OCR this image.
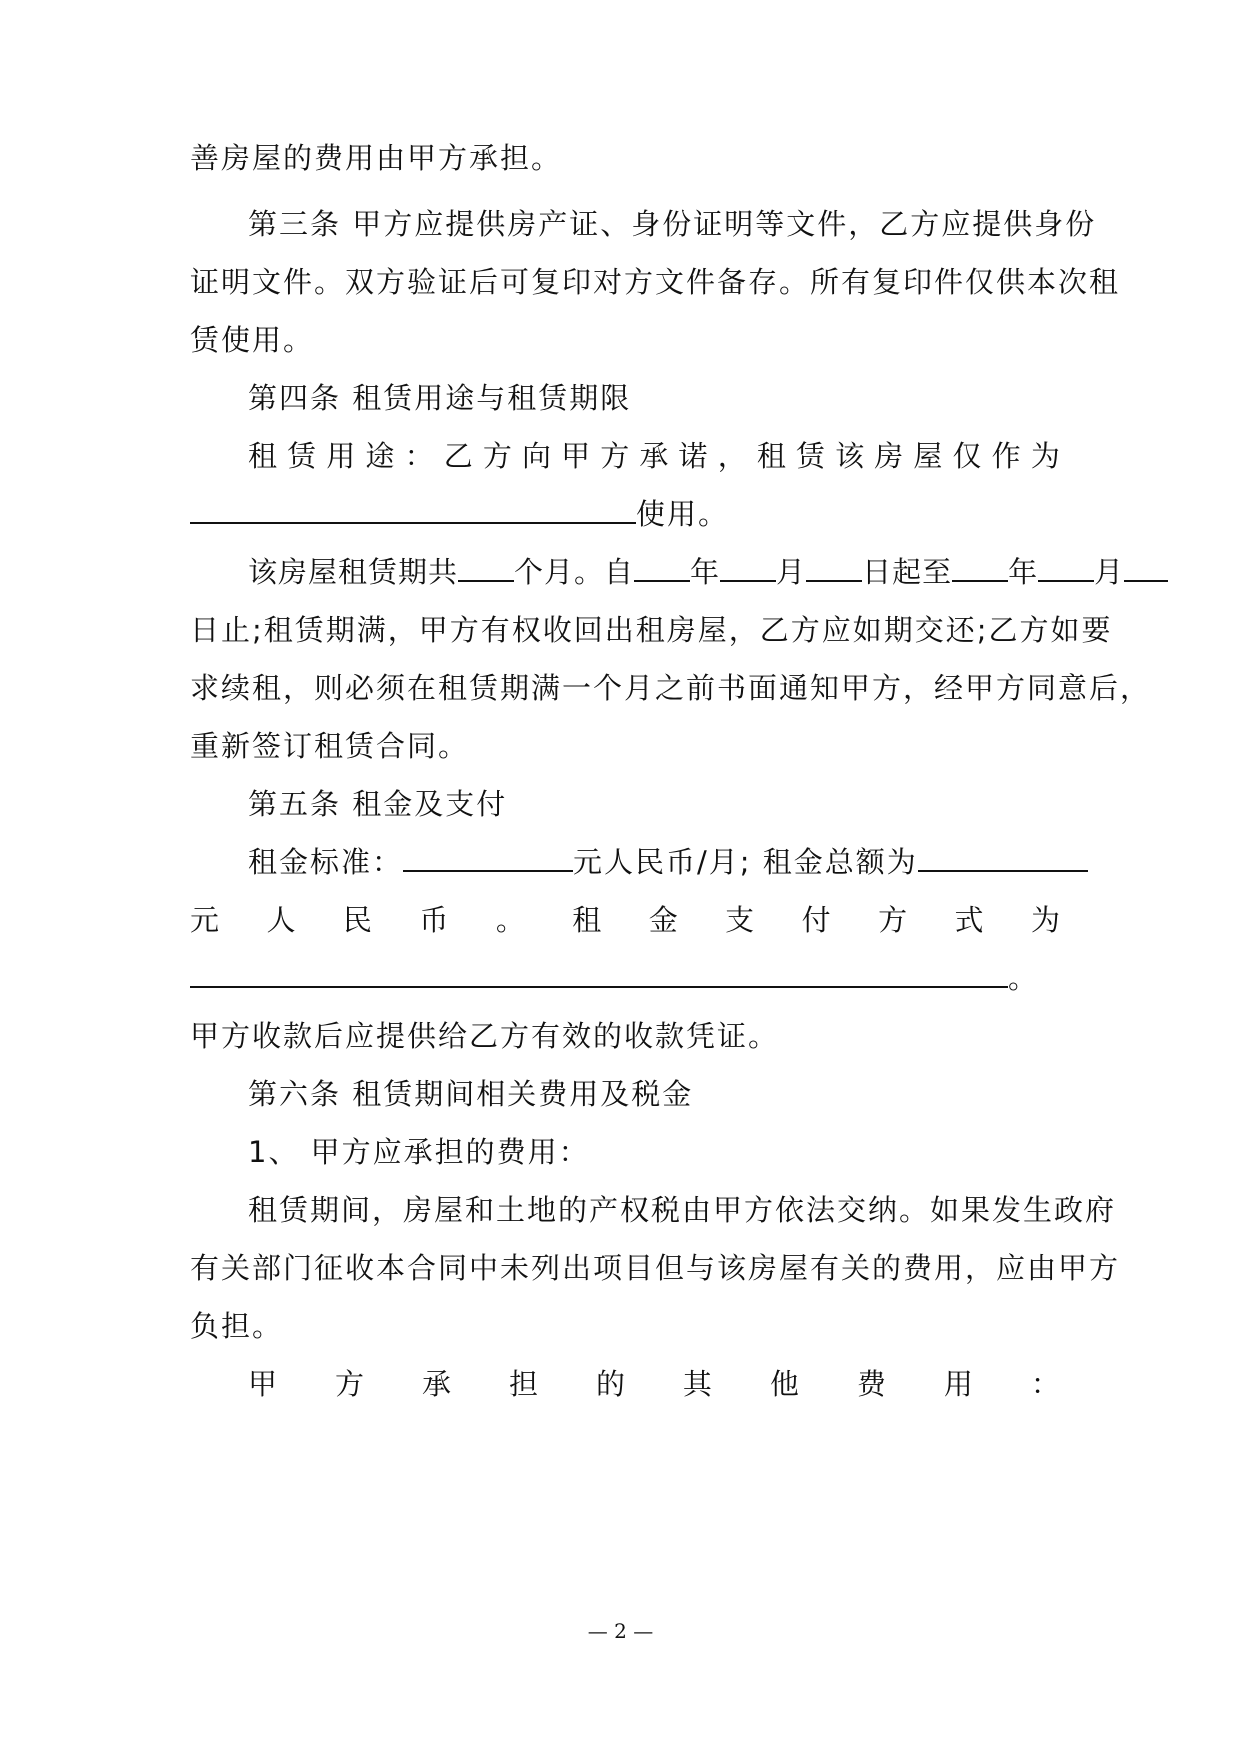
善房屋的费用由甲方承担。
第三条 甲方应提供房产证、身份证明等文件，乙方应提供身份
证明文件。双方验证后可复印对方文件备存。所有复印件仅供本次租
赁使用。
第四条 租赁用途与租赁期限
租 赁 用 途 ： 乙 方 向 甲 方 承 诺 ， 租 赁 该 房 屋 仅 作 为
使用。
该房屋租赁期共 个月。自 年 月 日起至 年 月
日止;租赁期满，甲方有权收回出租房屋，乙方应如期交还;乙方如要
求续租，则必须在租赁期满一个月之前书面通知甲方，经甲方同意后，
重新签订租赁合同。
第五条 租金及支付
租金标准：	元人民币/月; 租金总额为
元 人 民 币 。 租 金 支 付 方 式 为
。
甲方收款后应提供给乙方有效的收款凭证。
第六条 租赁期间相关费用及税金
1、 甲方应承担的费用：
租赁期间，房屋和土地的产权税由甲方依法交纳。如果发生政府
有关部门征收本合同中未列出项目但与该房屋有关的费用，应由甲方
负担。
甲 方 承 担 的 其 他 费 用 ：
— 2 —
